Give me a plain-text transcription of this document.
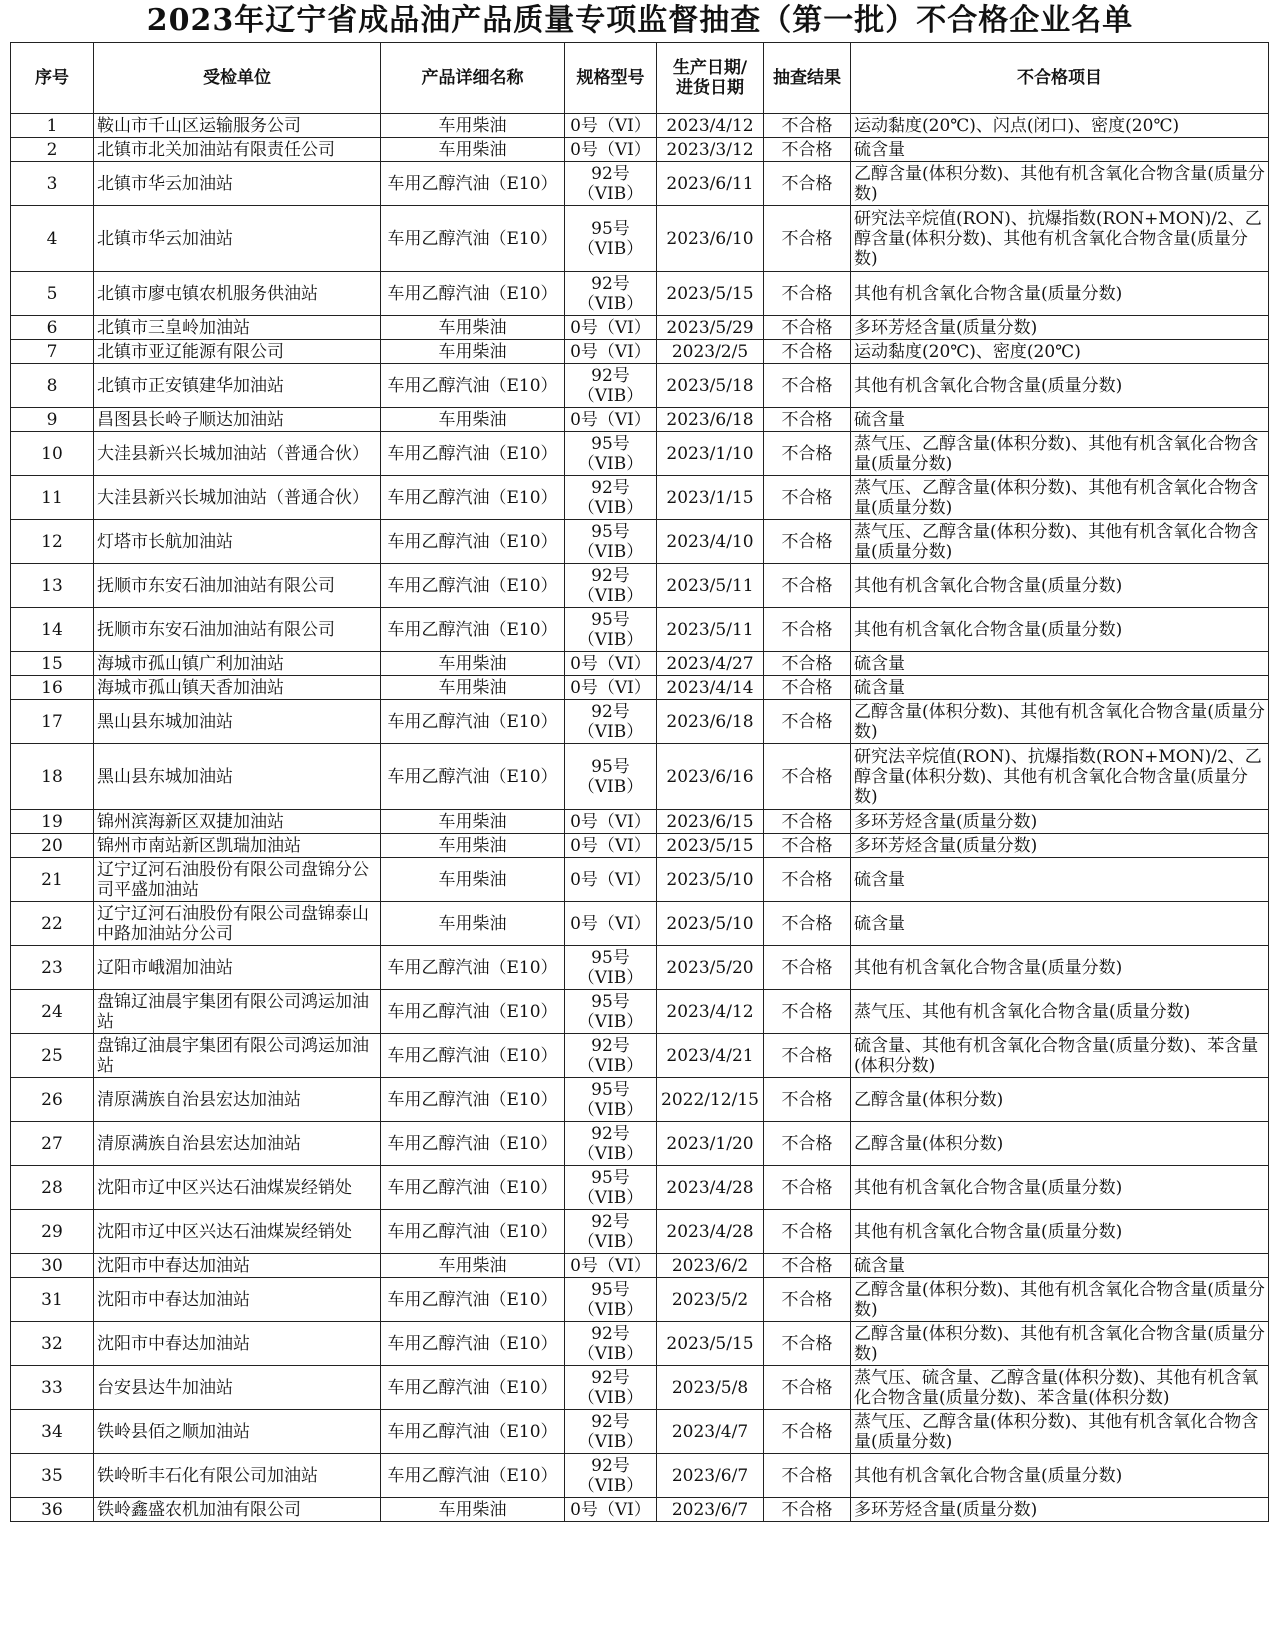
2023年辽宁省成品油产品质量专项监督抽查（第一批）不合格企业名单
序号	受检单位	产品详细名称	规格型号	生产日期/
进货日期	抽查结果	不合格项目
1	鞍山市千山区运输服务公司	车用柴油	0号（VI）	2023/4/12	不合格	运动黏度(20℃)、闪点(闭口)、密度(20℃)
2	北镇市北关加油站有限责任公司	车用柴油	0号（VI）	2023/3/12	不合格	硫含量
3	北镇市华云加油站	车用乙醇汽油（E10）	92号（VIB）	2023/6/11	不合格	乙醇含量(体积分数)、其他有机含氧化合物含量(质量分数)
4	北镇市华云加油站	车用乙醇汽油（E10）	95号（VIB）	2023/6/10	不合格	研究法辛烷值(RON)、抗爆指数(RON+MON)/2、乙醇含量(体积分数)、其他有机含氧化合物含量(质量分数)
5	北镇市廖屯镇农机服务供油站	车用乙醇汽油（E10）	92号（VIB）	2023/5/15	不合格	其他有机含氧化合物含量(质量分数)
6	北镇市三皇岭加油站	车用柴油	0号（VI）	2023/5/29	不合格	多环芳烃含量(质量分数)
7	北镇市亚辽能源有限公司	车用柴油	0号（VI）	2023/2/5	不合格	运动黏度(20℃)、密度(20℃)
8	北镇市正安镇建华加油站	车用乙醇汽油（E10）	92号（VIB）	2023/5/18	不合格	其他有机含氧化合物含量(质量分数)
9	昌图县长岭子顺达加油站	车用柴油	0号（VI）	2023/6/18	不合格	硫含量
10	大洼县新兴长城加油站（普通合伙）	车用乙醇汽油（E10）	95号（VIB）	2023/1/10	不合格	蒸气压、乙醇含量(体积分数)、其他有机含氧化合物含量(质量分数)
11	大洼县新兴长城加油站（普通合伙）	车用乙醇汽油（E10）	92号（VIB）	2023/1/15	不合格	蒸气压、乙醇含量(体积分数)、其他有机含氧化合物含量(质量分数)
12	灯塔市长航加油站	车用乙醇汽油（E10）	95号（VIB）	2023/4/10	不合格	蒸气压、乙醇含量(体积分数)、其他有机含氧化合物含量(质量分数)
13	抚顺市东安石油加油站有限公司	车用乙醇汽油（E10）	92号（VIB）	2023/5/11	不合格	其他有机含氧化合物含量(质量分数)
14	抚顺市东安石油加油站有限公司	车用乙醇汽油（E10）	95号（VIB）	2023/5/11	不合格	其他有机含氧化合物含量(质量分数)
15	海城市孤山镇广利加油站	车用柴油	0号（VI）	2023/4/27	不合格	硫含量
16	海城市孤山镇天香加油站	车用柴油	0号（VI）	2023/4/14	不合格	硫含量
17	黑山县东城加油站	车用乙醇汽油（E10）	92号（VIB）	2023/6/18	不合格	乙醇含量(体积分数)、其他有机含氧化合物含量(质量分数)
18	黑山县东城加油站	车用乙醇汽油（E10）	95号（VIB）	2023/6/16	不合格	研究法辛烷值(RON)、抗爆指数(RON+MON)/2、乙醇含量(体积分数)、其他有机含氧化合物含量(质量分数)
19	锦州滨海新区双捷加油站	车用柴油	0号（VI）	2023/6/15	不合格	多环芳烃含量(质量分数)
20	锦州市南站新区凯瑞加油站	车用柴油	0号（VI）	2023/5/15	不合格	多环芳烃含量(质量分数)
21	辽宁辽河石油股份有限公司盘锦分公司平盛加油站	车用柴油	0号（VI）	2023/5/10	不合格	硫含量
22	辽宁辽河石油股份有限公司盘锦泰山中路加油站分公司	车用柴油	0号（VI）	2023/5/10	不合格	硫含量
23	辽阳市峨湄加油站	车用乙醇汽油（E10）	95号（VIB）	2023/5/20	不合格	其他有机含氧化合物含量(质量分数)
24	盘锦辽油晨宇集团有限公司鸿运加油站	车用乙醇汽油（E10）	95号（VIB）	2023/4/12	不合格	蒸气压、其他有机含氧化合物含量(质量分数)
25	盘锦辽油晨宇集团有限公司鸿运加油站	车用乙醇汽油（E10）	92号（VIB）	2023/4/21	不合格	硫含量、其他有机含氧化合物含量(质量分数)、苯含量(体积分数)
26	清原满族自治县宏达加油站	车用乙醇汽油（E10）	95号（VIB）	2022/12/15	不合格	乙醇含量(体积分数)
27	清原满族自治县宏达加油站	车用乙醇汽油（E10）	92号（VIB）	2023/1/20	不合格	乙醇含量(体积分数)
28	沈阳市辽中区兴达石油煤炭经销处	车用乙醇汽油（E10）	95号（VIB）	2023/4/28	不合格	其他有机含氧化合物含量(质量分数)
29	沈阳市辽中区兴达石油煤炭经销处	车用乙醇汽油（E10）	92号（VIB）	2023/4/28	不合格	其他有机含氧化合物含量(质量分数)
30	沈阳市中春达加油站	车用柴油	0号（VI）	2023/6/2	不合格	硫含量
31	沈阳市中春达加油站	车用乙醇汽油（E10）	95号（VIB）	2023/5/2	不合格	乙醇含量(体积分数)、其他有机含氧化合物含量(质量分数)
32	沈阳市中春达加油站	车用乙醇汽油（E10）	92号（VIB）	2023/5/15	不合格	乙醇含量(体积分数)、其他有机含氧化合物含量(质量分数)
33	台安县达牛加油站	车用乙醇汽油（E10）	92号（VIB）	2023/5/8	不合格	蒸气压、硫含量、乙醇含量(体积分数)、其他有机含氧化合物含量(质量分数)、苯含量(体积分数)
34	铁岭县佰之顺加油站	车用乙醇汽油（E10）	92号（VIB）	2023/4/7	不合格	蒸气压、乙醇含量(体积分数)、其他有机含氧化合物含量(质量分数)
35	铁岭昕丰石化有限公司加油站	车用乙醇汽油（E10）	92号（VIB）	2023/6/7	不合格	其他有机含氧化合物含量(质量分数)
36	铁岭鑫盛农机加油有限公司	车用柴油	0号（VI）	2023/6/7	不合格	多环芳烃含量(质量分数)
